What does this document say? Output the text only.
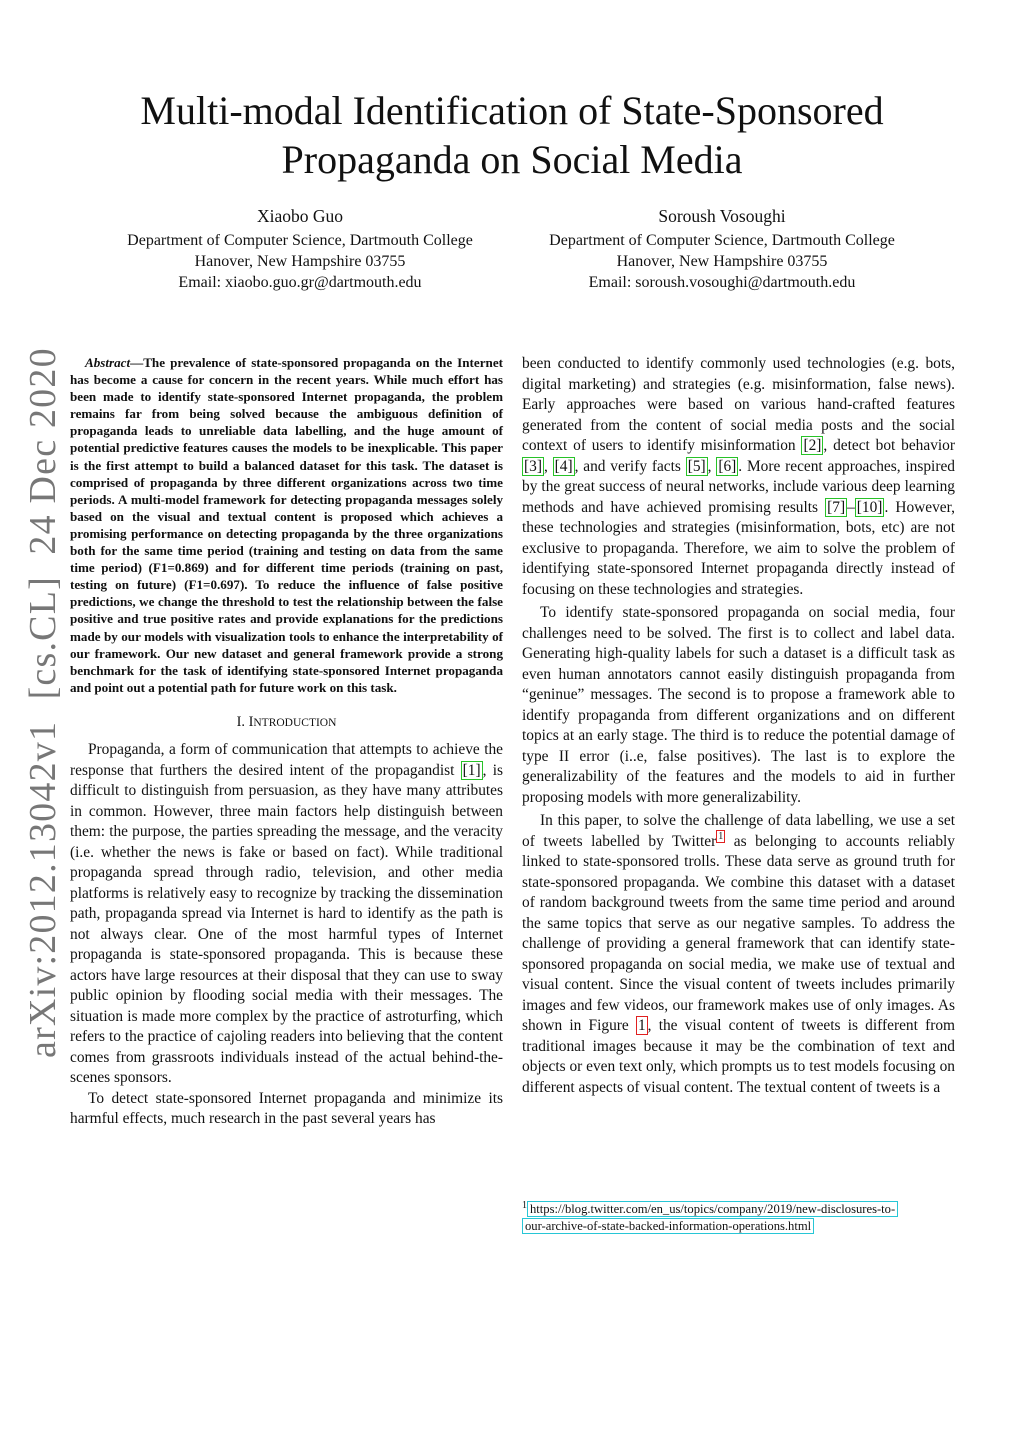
Multi-modal Identification of State-Sponsored
Propaganda on Social Media
Xiaobo Guo
Department of Computer Science, Dartmouth College
Hanover, New Hampshire 03755
Email: xiaobo.guo.gr@dartmouth.edu
Soroush Vosoughi
Department of Computer Science, Dartmouth College
Hanover, New Hampshire 03755
Email: soroush.vosoughi@dartmouth.edu
arXiv:2012.13042v1  [cs.CL]  24 Dec 2020	Abstract—The prevalence of state-sponsored propaganda on the Internet has become a cause for concern in the recent years. While much effort has been made to identify state-sponsored Internet propaganda, the problem remains far from being solved because the ambiguous definition of propaganda leads to unreliable data labelling, and the huge amount of potential predictive features causes the models to be inexplicable. This paper is the first attempt to build a balanced dataset for this task. The dataset is comprised of propaganda by three different organizations across two time periods. A multi-model framework for detecting propaganda messages solely based on the visual and textual content is proposed which achieves a promising performance on detecting propaganda by the three organizations both for the same time period (training and testing on data from the same time period) (F1=0.869) and for different time periods (training on past, testing on future) (F1=0.697). To reduce the influence of false positive predictions, we change the threshold to test the relationship between the false positive and true positive rates and provide explanations for the predictions made by our models with visualization tools to enhance the interpretability of our framework. Our new dataset and general framework provide a strong benchmark for the task of identifying state-sponsored Internet propaganda and point out a potential path for future work on this task.
I. INTRODUCTION

Propaganda, a form of communication that attempts to achieve the response that furthers the desired intent of the propagandist [1] , is difficult to distinguish from persuasion, as they have many attributes in common. However, three main factors help distinguish between them: the purpose, the parties spreading the message, and the veracity (i.e. whether the news is fake or based on fact). While traditional propaganda spread through radio, television, and other media platforms is relatively easy to recognize by tracking the dissemination path, propaganda spread via Internet is hard to identify as the path is not always clear. One of the most harmful types of Internet propaganda is state-sponsored propaganda. This is because these actors have large resources at their disposal that they can use to sway public opinion by flooding social media with their messages. The situation is made more complex by the practice of astroturfing, which refers to the practice of cajoling readers into believing that the content comes from grassroots individuals instead of the actual behind-the-scenes sponsors.

To detect state-sponsored Internet propaganda and minimize its harmful effects, much research in the past several years has

been conducted to identify commonly used technologies (e.g. bots, digital marketing) and strategies (e.g. misinformation, false news). Early approaches were based on various hand-crafted features generated from the content of social media posts and the social context of users to identify misinformation [2] , detect bot behavior [3] , [4] , and verify facts [5] , [6] . More recent approaches, inspired by the great success of neural networks, include various deep learning methods and have achieved promising results [7] – [10] . However, these technologies and strategies (misinformation, bots, etc) are not exclusive to propaganda. Therefore, we aim to solve the problem of identifying state-sponsored Internet propaganda directly instead of focusing on these technologies and strategies.

To identify state-sponsored propaganda on social media, four challenges need to be solved. The first is to collect and label data. Generating high-quality labels for such a dataset is a difficult task as even human annotators cannot easily distinguish propaganda from “geninue” messages. The second is to propose a framework able to identify propaganda from different organizations and on different topics at an early stage. The third is to reduce the potential damage of type II error (i..e, false positives). The last is to explore the generalizability of the features and the models to aid in further proposing models with more generalizability.

In this paper, to solve the challenge of data labelling, we use a set of tweets labelled by Twitter $^1$ as belonging to accounts reliably linked to state-sponsored trolls. These data serve as ground truth for state-sponsored propaganda. We combine this dataset with a dataset of random background tweets from the same time period and around the same topics that serve as our negative samples. To address the challenge of providing a general framework that can identify state-sponsored propaganda on social media, we make use of textual and visual content. Since the visual content of tweets includes primarily images and few videos, our framework makes use of only images. As shown in Figure 1 , the visual content of tweets is different from traditional images because it may be the combination of text and objects or even text only, which prompts us to test models focusing on different aspects of visual content. The textual content of tweets is a

$^1$ https://blog.twitter.com/en_us/topics/company/2019/new-disclosures-to-
our-archive-of-state-backed-information-operations.html
